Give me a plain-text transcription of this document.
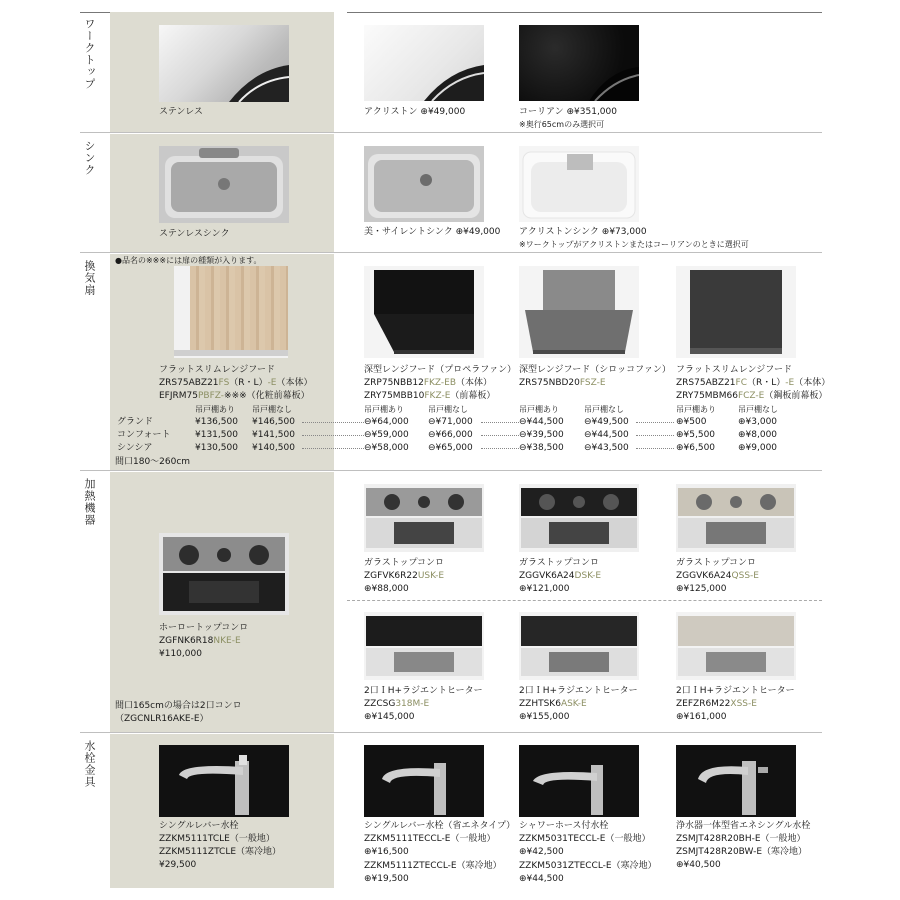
ワークトップ
シンク
換気扇
加熱機器
水栓金具
ステンレス	アクリストン ⊕¥49,000	コーリアン ⊕¥351,000
※奥行65cmのみ選択可
ステンレスシンク	美・サイレントシンク ⊕¥49,000 アクリストンシンク ⊕¥73,000
※ワークトップがアクリストンまたはコーリアンのときに選択可
●品名の※※※には扉の種類が入ります。
フラットスリムレンジフード
ZRS75ABZ21FS（R・L）-E（本体）
EFJRM75PBFZ-※※※（化粧前幕板）
吊戸棚あり 吊戸棚なし
グランド	¥136,500 ¥146,500
コンフォート	¥131,500 ¥141,500
シンシア	¥130,500 ¥140,500
間口180〜260cm
深型レンジフード（プロペラファン）
ZRP75NBB12FKZ-EB（本体）
ZRY75MBB10FKZ-E（前幕板）
吊戸棚あり	吊戸棚なし
⊖¥64,000 ⊖¥71,000
⊖¥59,000 ⊖¥66,000
⊖¥58,000 ⊖¥65,000
深型レンジフード（シロッコファン）
ZRS75NBD20FSZ-E
吊戸棚あり	吊戸棚なし
⊖¥44,500 ⊖¥49,500
⊖¥39,500 ⊖¥44,500
⊖¥38,500 ⊖¥43,500
フラットスリムレンジフード
ZRS75ABZ21FC（R・L）-E（本体）
ZRY75MBM66FCZ-E（鋼板前幕板）
吊戸棚あり	吊戸棚なし
⊕¥500	⊕¥3,000
⊕¥5,500	⊕¥8,000
⊕¥6,500	⊕¥9,000
ホーロートップコンロ
ZGFNK6R18NKE-E
¥110,000
間口165cmの場合は2口コンロ
（ZGCNLR16AKE-E）
ガラストップコンロ
ZGFVK6R22USK-E
⊕¥88,000
ガラストップコンロ
ZGGVK6A24DSK-E
⊕¥121,000
ガラストップコンロ
ZGGVK6A24QSS-E
⊕¥125,000
2口ＩH+ラジエントヒーター
ZZCSG318M-E
⊕¥145,000
2口ＩH+ラジエントヒーター
ZZHTSK6ASK-E
⊕¥155,000
2口ＩH+ラジエントヒーター
ZEFZR6M22XSS-E
⊕¥161,000
シングルレバー水栓
ZZKM5111TCLE（一般地）
ZZKM5111ZTCLE（寒冷地）
¥29,500
シングルレバー水栓（省エネタイプ）
ZZKM5111TECCL-E（一般地）
⊕¥16,500
ZZKM5111ZTECCL-E（寒冷地）
⊕¥19,500
シャワーホース付水栓
ZZKM5031TECCL-E（一般地）
⊕¥42,500
ZZKM5031ZTECCL-E（寒冷地）
⊕¥44,500
浄水器一体型省エネシングル水栓
ZSMJT428R20BH-E（一般地）
ZSMJT428R20BW-E（寒冷地）
⊕¥40,500
